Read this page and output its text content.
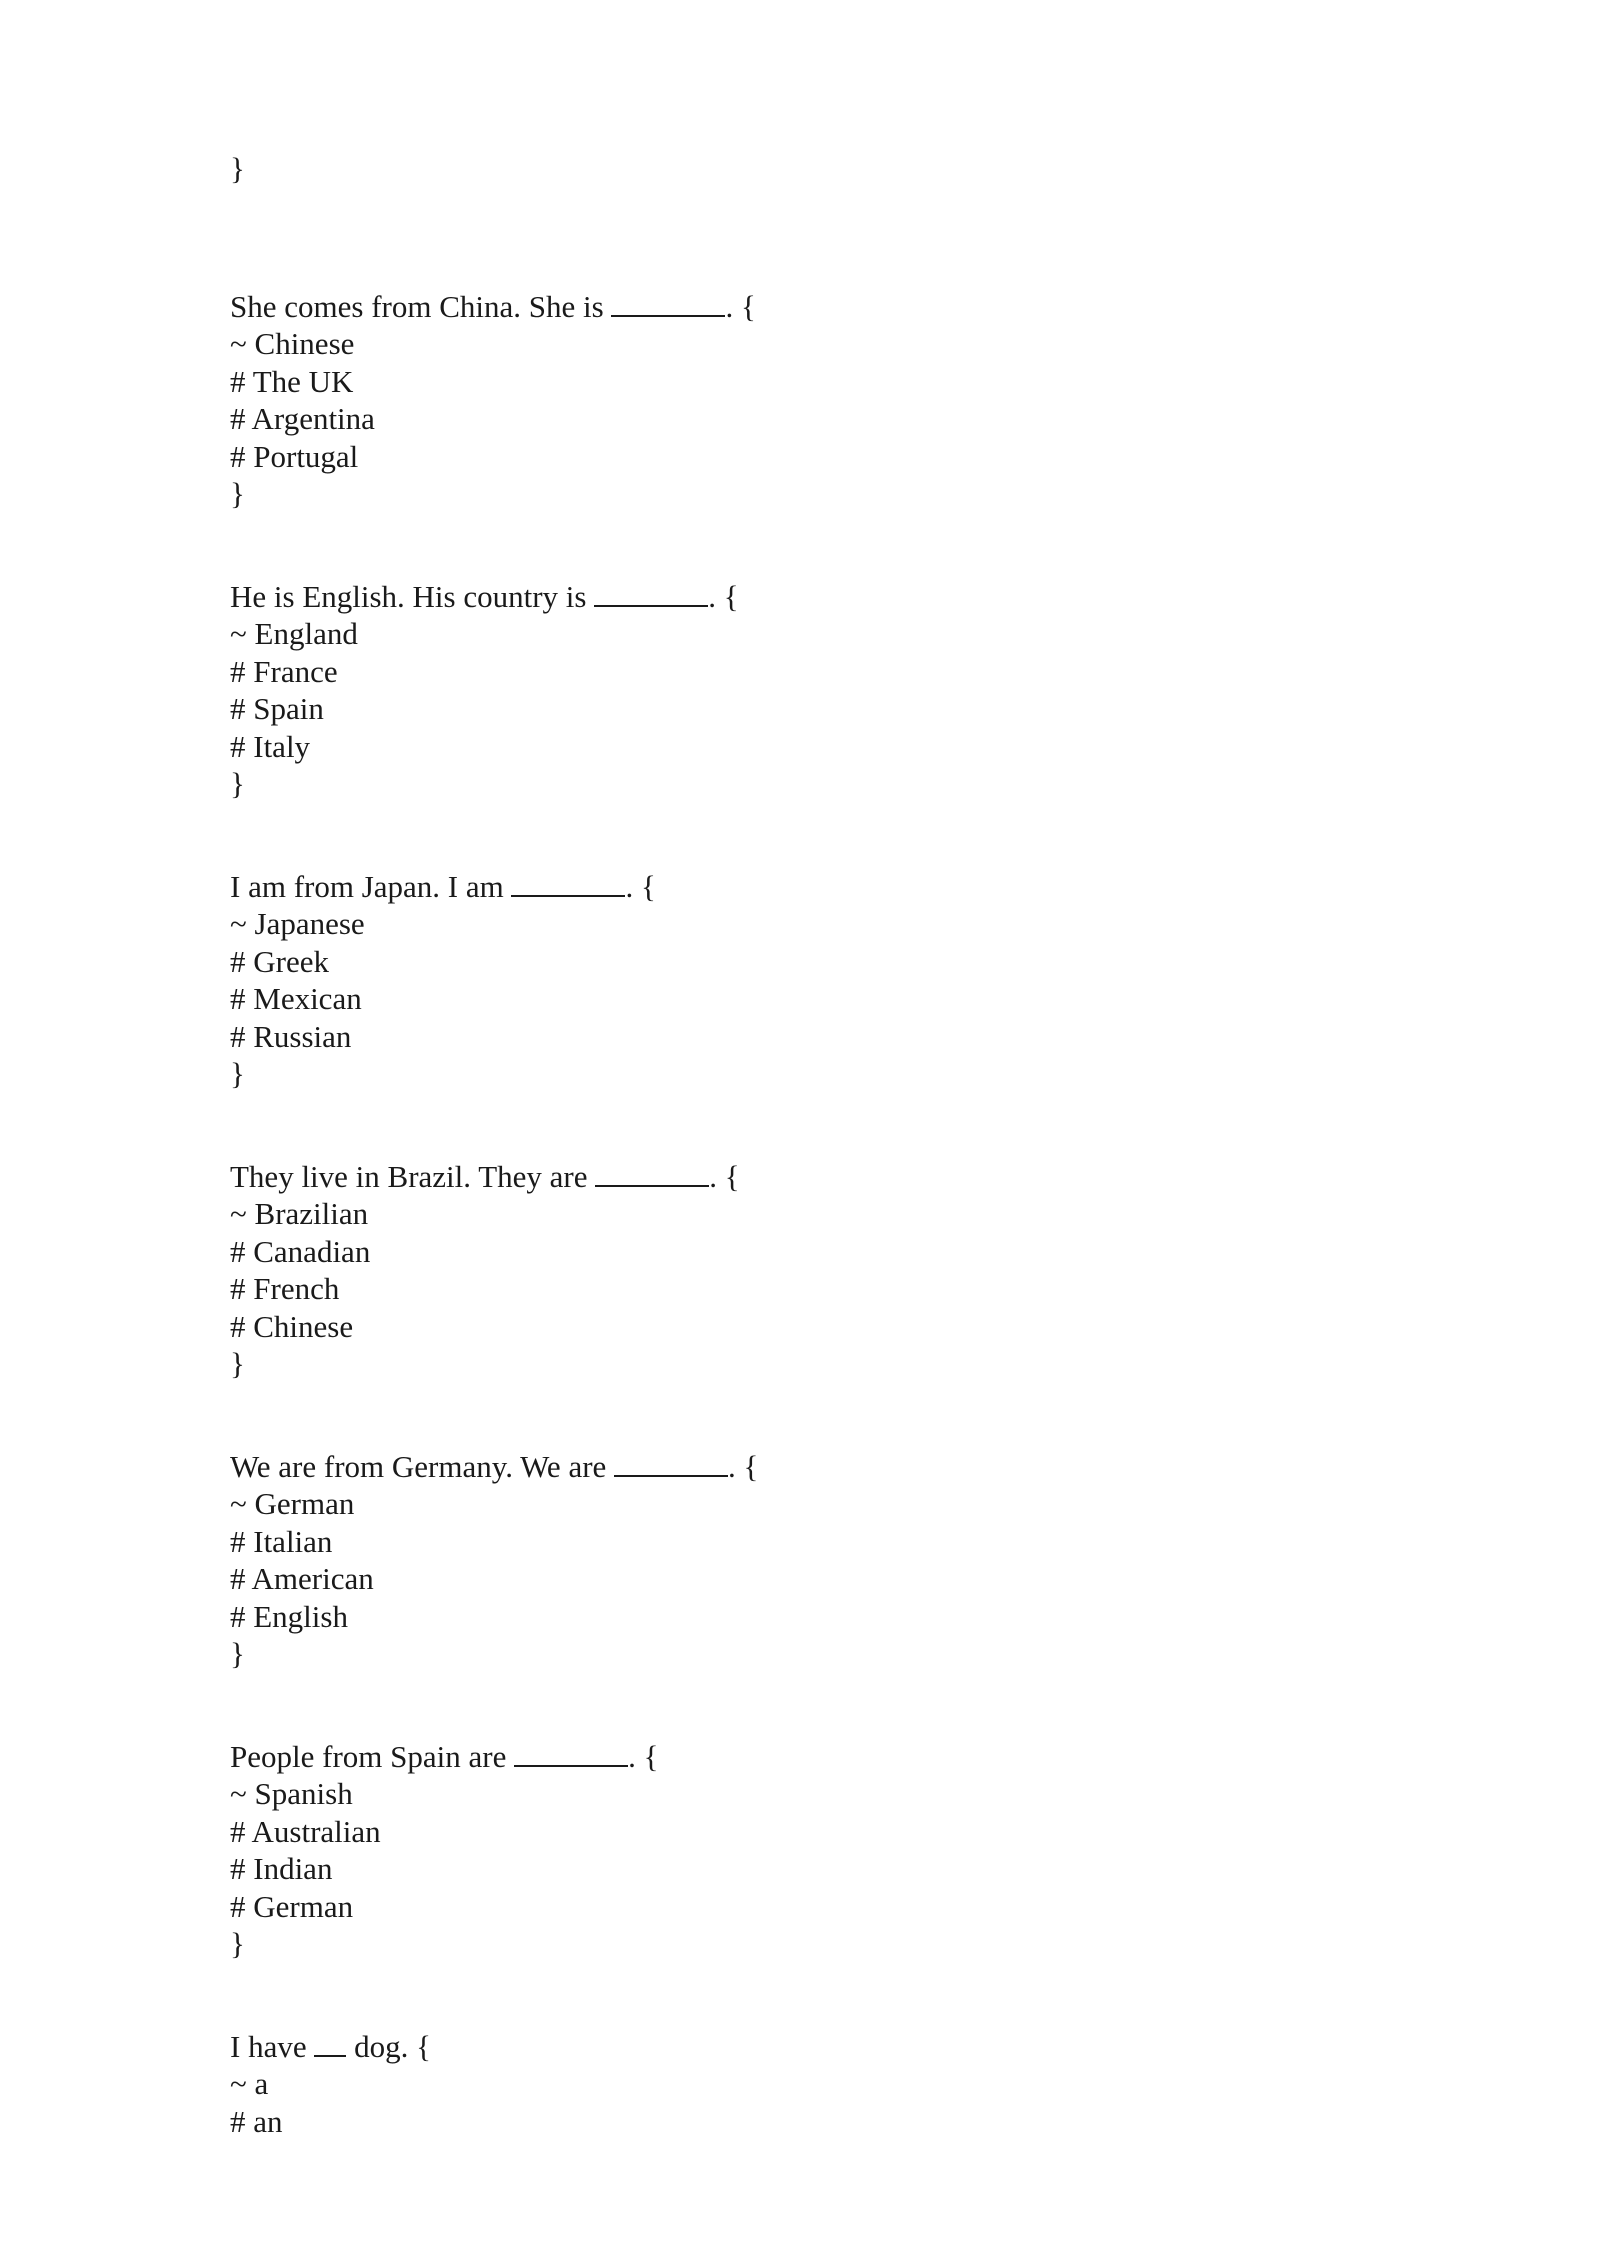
}
She comes from China. She is	. {
~ Chinese
# The UK
# Argentina
# Portugal
}
He is English. His country is	. {
~ England
# France
# Spain
# Italy
}
I am from Japan. I am	. {
~ Japanese
# Greek
# Mexican
# Russian
}
They live in Brazil. They are	. {
~ Brazilian
# Canadian
# French
# Chinese
}
We are from Germany. We are	. {
~ German
# Italian
# American
# English
}
People from Spain are	. {
~ Spanish
# Australian
# Indian
# German
}
I have  dog. {
~ a
# an
